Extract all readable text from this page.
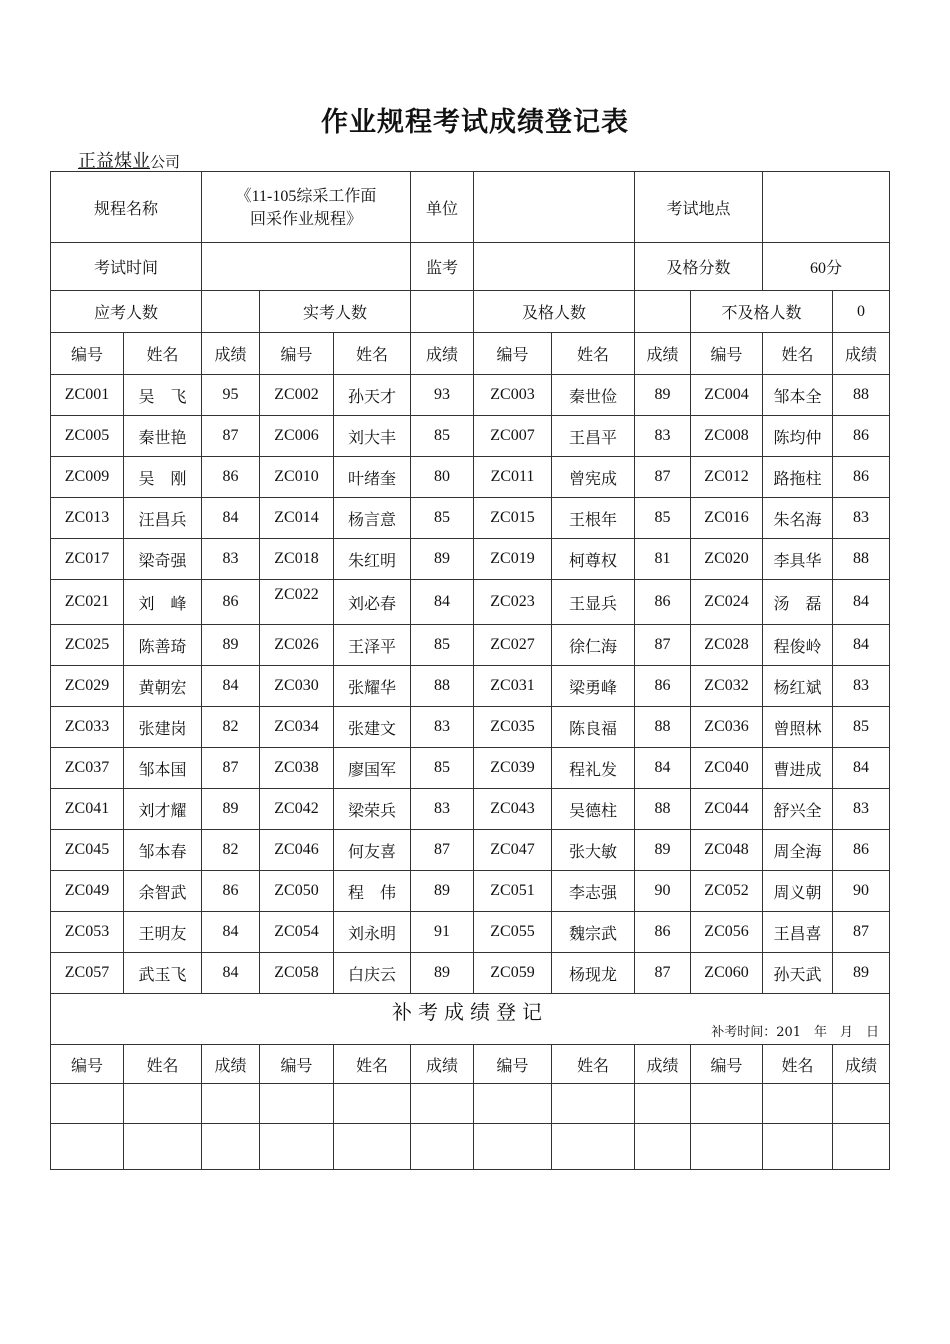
作业规程考试成绩登记表
正益煤业公司
规程名称		《11-105综采工作面
回采作业规程》			单位			考试地点			
考试时间					监考			及格分数		60分	
应考人数			实考人数			及格人数			不及格人数		0
编号	姓名	成绩	编号	姓名	成绩	编号	姓名	成绩	编号	姓名	成绩
ZC001	吴　飞	95	ZC002	孙天才	93	ZC003	秦世俭	89	ZC004	邹本全	88
ZC005	秦世艳	87	ZC006	刘大丰	85	ZC007	王昌平	83	ZC008	陈均仲	86
ZC009	吴　刚	86	ZC010	叶绪奎	80	ZC011	曾宪成	87	ZC012	路拖柱	86
ZC013	汪昌兵	84	ZC014	杨言意	85	ZC015	王根年	85	ZC016	朱名海	83
ZC017	梁奇强	83	ZC018	朱红明	89	ZC019	柯尊权	81	ZC020	李具华	88
ZC021	刘　峰	86	ZC022	刘必春	84	ZC023	王显兵	86	ZC024	汤　磊	84
ZC025	陈善琦	89	ZC026	王泽平	85	ZC027	徐仁海	87	ZC028	程俊岭	84
ZC029	黄朝宏	84	ZC030	张耀华	88	ZC031	梁勇峰	86	ZC032	杨红斌	83
ZC033	张建岗	82	ZC034	张建文	83	ZC035	陈良福	88	ZC036	曾照林	85
ZC037	邹本国	87	ZC038	廖国军	85	ZC039	程礼发	84	ZC040	曹进成	84
ZC041	刘才耀	89	ZC042	梁荣兵	83	ZC043	吴德柱	88	ZC044	舒兴全	83
ZC045	邹本春	82	ZC046	何友喜	87	ZC047	张大敏	89	ZC048	周全海	86
ZC049	余智武	86	ZC050	程　伟	89	ZC051	李志强	90	ZC052	周义朝	90
ZC053	王明友	84	ZC054	刘永明	91	ZC055	魏宗武	86	ZC056	王昌喜	87
ZC057	武玉飞	84	ZC058	白庆云	89	ZC059	杨现龙	87	ZC060	孙天武	89

补考成绩登记
补考时间：201　年　月　日											

编号	姓名	成绩	编号	姓名	成绩	编号	姓名	成绩	编号	姓名	成绩
